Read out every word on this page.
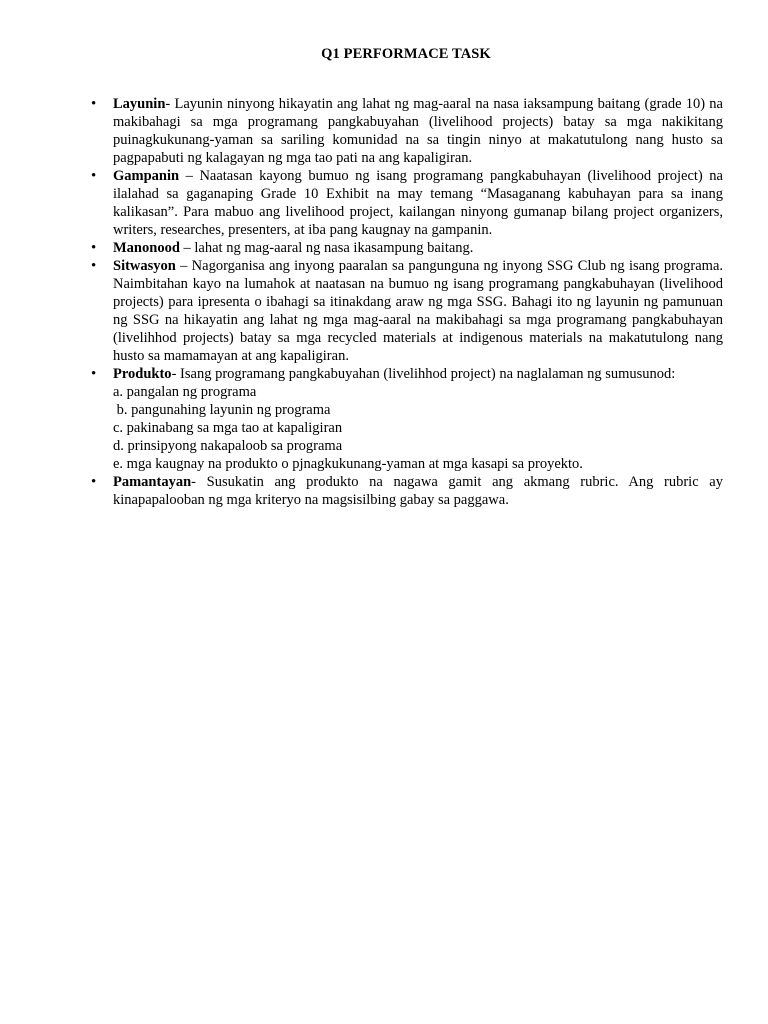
Q1 PERFORMACE TASK
• Layunin- Layunin ninyong hikayatin ang lahat ng mag-aaral na nasa iaksampung baitang (grade 10) na makibahagi sa mga programang pangkabuyahan (livelihood projects) batay sa mga nakikitang puinagkukunang-yaman sa sariling komunidad na sa tingin ninyo at makatutulong nang husto sa pagpapabuti ng kalagayan ng mga tao pati na ang kapaligiran.
• Gampanin – Naatasan kayong bumuo ng isang programang pangkabuhayan (livelihood project) na ilalahad sa gaganaping Grade 10 Exhibit na may temang “Masaganang kabuhayan para sa inang kalikasan”. Para mabuo ang livelihood project, kailangan ninyong gumanap bilang project organizers, writers, researches, presenters, at iba pang kaugnay na gampanin.
• Manonood – lahat ng mag-aaral ng nasa ikasampung baitang.
• Sitwasyon – Nagorganisa ang inyong paaralan sa pangunguna ng inyong SSG Club ng isang programa. Naimbitahan kayo na lumahok at naatasan na bumuo ng isang programang pangkabuhayan (livelihood projects) para ipresenta o ibahagi sa itinakdang araw ng mga SSG. Bahagi ito ng layunin ng pamunuan ng SSG na hikayatin ang lahat ng mga mag-aaral na makibahagi sa mga programang pangkabuhayan (livelihhod projects) batay sa mga recycled materials at indigenous materials na makatutulong nang husto sa mamamayan at ang kapaligiran.
• Produkto- Isang programang pangkabuyahan (livelihhod project) na naglalaman ng sumusunod:
a. pangalan ng programa
b. pangunahing layunin ng programa
c. pakinabang sa mga tao at kapaligiran
d. prinsipyong nakapaloob sa programa
e. mga kaugnay na produkto o pjnagkukunang-yaman at mga kasapi sa proyekto.
• Pamantayan- Susukatin ang produkto na nagawa gamit ang akmang rubric. Ang rubric ay kinapapalooban ng mga kriteryo na magsisilbing gabay sa paggawa.
